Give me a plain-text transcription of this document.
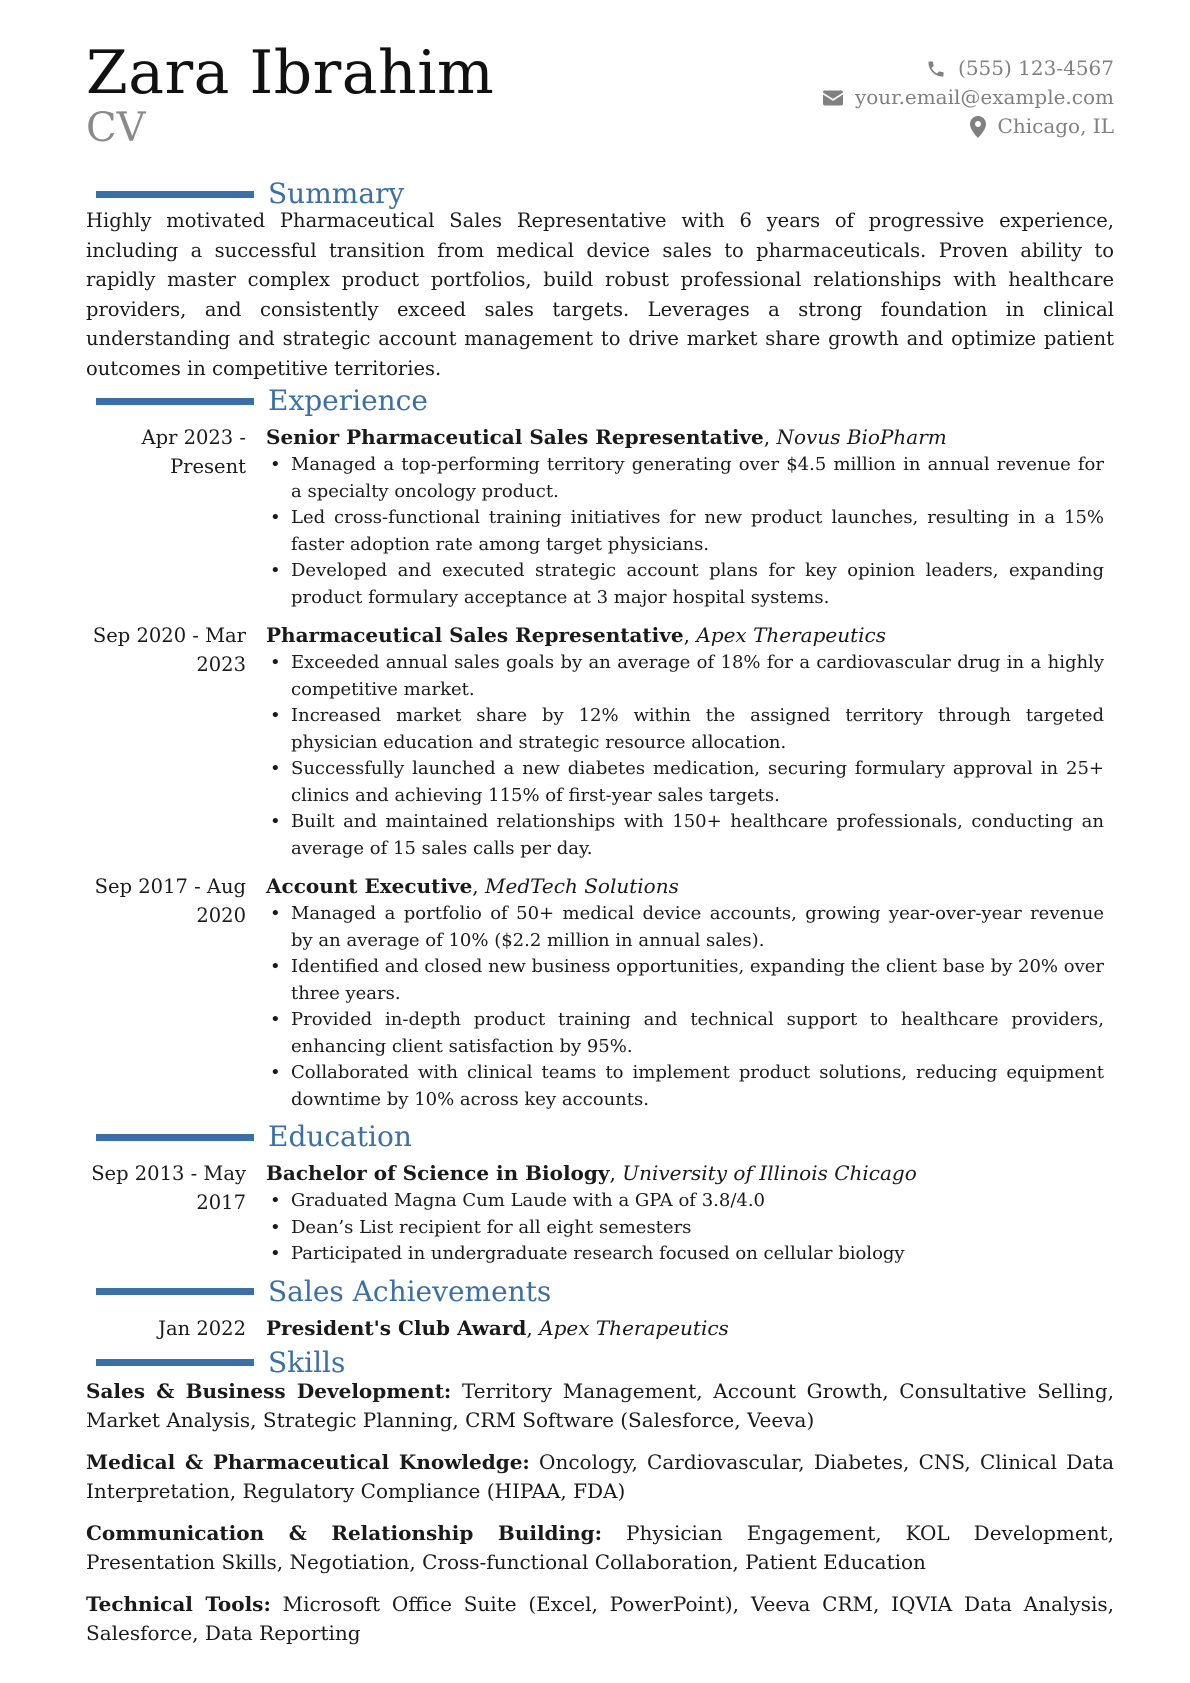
Zara Ibrahim
CV
(555) 123-4567
your.email@example.com
Chicago, IL
Summary
Highly motivated Pharmaceutical Sales Representative with 6 years of progressive experience, including a successful transition from medical device sales to pharmaceuticals. Proven ability to rapidly master complex product portfolios, build robust professional relationships with healthcare providers, and consistently exceed sales targets. Leverages a strong foundation in clinical understanding and strategic account management to drive market share growth and optimize patient outcomes in competitive territories.
Experience
Apr 2023 - Present
Senior Pharmaceutical Sales Representative, Novus BioPharm
• Managed a top-performing territory generating over $4.5 million in annual revenue for a specialty oncology product.
• Led cross-functional training initiatives for new product launches, resulting in a 15% faster adoption rate among target physicians.
• Developed and executed strategic account plans for key opinion leaders, expanding product formulary acceptance at 3 major hospital systems.
Sep 2020 - Mar 2023
Pharmaceutical Sales Representative, Apex Therapeutics
• Exceeded annual sales goals by an average of 18% for a cardiovascular drug in a highly competitive market.
• Increased market share by 12% within the assigned territory through targeted physician education and strategic resource allocation.
• Successfully launched a new diabetes medication, securing formulary approval in 25+ clinics and achieving 115% of first-year sales targets.
• Built and maintained relationships with 150+ healthcare professionals, conducting an average of 15 sales calls per day.
Sep 2017 - Aug 2020
Account Executive, MedTech Solutions
• Managed a portfolio of 50+ medical device accounts, growing year-over-year revenue by an average of 10% ($2.2 million in annual sales).
• Identified and closed new business opportunities, expanding the client base by 20% over three years.
• Provided in-depth product training and technical support to healthcare providers, enhancing client satisfaction by 95%.
• Collaborated with clinical teams to implement product solutions, reducing equipment downtime by 10% across key accounts.
Education
Sep 2013 - May 2017
Bachelor of Science in Biology, University of Illinois Chicago
• Graduated Magna Cum Laude with a GPA of 3.8/4.0
• Dean’s List recipient for all eight semesters
• Participated in undergraduate research focused on cellular biology
Sales Achievements
Jan 2022	President's Club Award, Apex Therapeutics
Skills
Sales & Business Development: Territory Management, Account Growth, Consultative Selling, Market Analysis, Strategic Planning, CRM Software (Salesforce, Veeva)
Medical & Pharmaceutical Knowledge: Oncology, Cardiovascular, Diabetes, CNS, Clinical Data Interpretation, Regulatory Compliance (HIPAA, FDA)
Communication & Relationship Building: Physician Engagement, KOL Development, Presentation Skills, Negotiation, Cross-functional Collaboration, Patient Education
Technical Tools: Microsoft Office Suite (Excel, PowerPoint), Veeva CRM, IQVIA Data Analysis, Salesforce, Data Reporting
